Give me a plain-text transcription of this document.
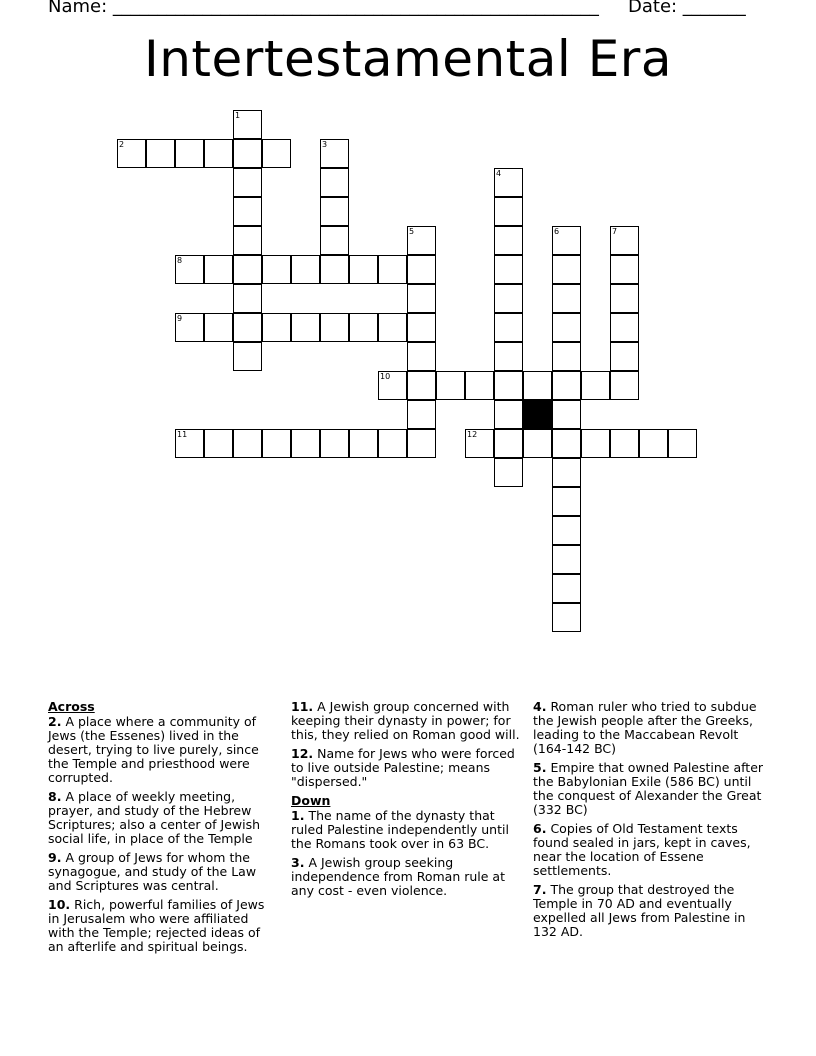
Name: ______________________________________________________ Date: _______
Intertestamental Era
1
2	3
4
5	6	7
8
9
10
11	12
Across
2. A place where a community of Jews (the Essenes) lived in the desert, trying to live purely, since the Temple and priesthood were corrupted.
8. A place of weekly meeting, prayer, and study of the Hebrew Scriptures; also a center of Jewish social life, in place of the Temple
9. A group of Jews for whom the synagogue, and study of the Law and Scriptures was central.
10. Rich, powerful families of Jews in Jerusalem who were affiliated with the Temple; rejected ideas of an afterlife and spiritual beings.
11. A Jewish group concerned with keeping their dynasty in power; for this, they relied on Roman good will.
12. Name for Jews who were forced to live outside Palestine; means "dispersed."
Down
1. The name of the dynasty that ruled Palestine independently until the Romans took over in 63 BC.
3. A Jewish group seeking independence from Roman rule at any cost - even violence.
4. Roman ruler who tried to subdue the Jewish people after the Greeks, leading to the Maccabean Revolt (164-142 BC)
5. Empire that owned Palestine after the Babylonian Exile (586 BC) until the conquest of Alexander the Great (332 BC)
6. Copies of Old Testament texts found sealed in jars, kept in caves, near the location of Essene settlements.
7. The group that destroyed the Temple in 70 AD and eventually expelled all Jews from Palestine in 132 AD.
